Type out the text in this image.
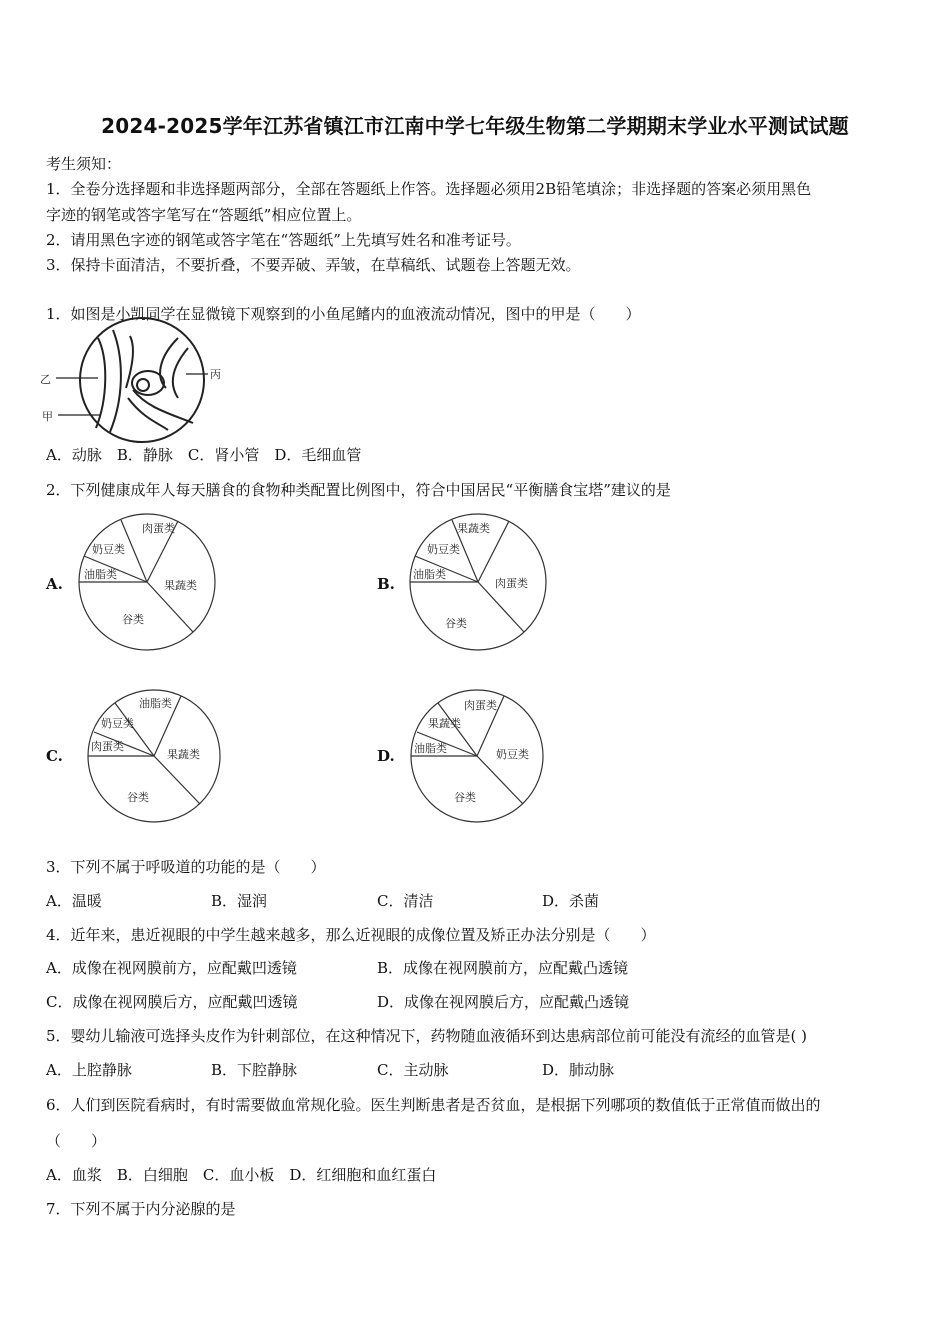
2024-2025学年江苏省镇江市江南中学七年级生物第二学期期末学业水平测试试题
考生须知：
1．全卷分选择题和非选择题两部分，全部在答题纸上作答。选择题必须用2B铅笔填涂；非选择题的答案必须用黑色
字迹的钢笔或答字笔写在“答题纸”相应位置上。
2．请用黑色字迹的钢笔或答字笔在“答题纸”上先填写姓名和准考证号。
3．保持卡面清洁，不要折叠，不要弄破、弄皱，在草稿纸、试题卷上答题无效。
1．如图是小凯同学在显微镜下观察到的小鱼尾鳍内的血液流动情况，图中的甲是（　　）
乙
甲
丙
A．动脉　B．静脉　C．肾小管　D．毛细血管
2．下列健康成年人每天膳食的食物种类配置比例图中，符合中国居民“平衡膳食宝塔”建议的是
A.
肉蛋类
奶豆类
油脂类
果蔬类
谷类
B.
果蔬类
奶豆类
油脂类
肉蛋类
谷类
C.
油脂类
奶豆类
肉蛋类
果蔬类
谷类
D.
肉蛋类
果蔬类
油脂类	奶豆类
谷类
3．下列不属于呼吸道的功能的是（　　）
A．温暖	B．湿润	C．清洁	D．杀菌
4．近年来，患近视眼的中学生越来越多，那么近视眼的成像位置及矫正办法分别是（　　）
A．成像在视网膜前方，应配戴凹透镜	B．成像在视网膜前方，应配戴凸透镜
C．成像在视网膜后方，应配戴凹透镜	D．成像在视网膜后方，应配戴凸透镜
5．婴幼儿输液可选择头皮作为针刺部位，在这种情况下，药物随血液循环到达患病部位前可能没有流经的血管是( )
A．上腔静脉	B．下腔静脉	C．主动脉	D．肺动脉
6．人们到医院看病时，有时需要做血常规化验。医生判断患者是否贫血，是根据下列哪项的数值低于正常值而做出的
（　　）
A．血浆　B．白细胞　C．血小板　D．红细胞和血红蛋白
7．下列不属于内分泌腺的是
